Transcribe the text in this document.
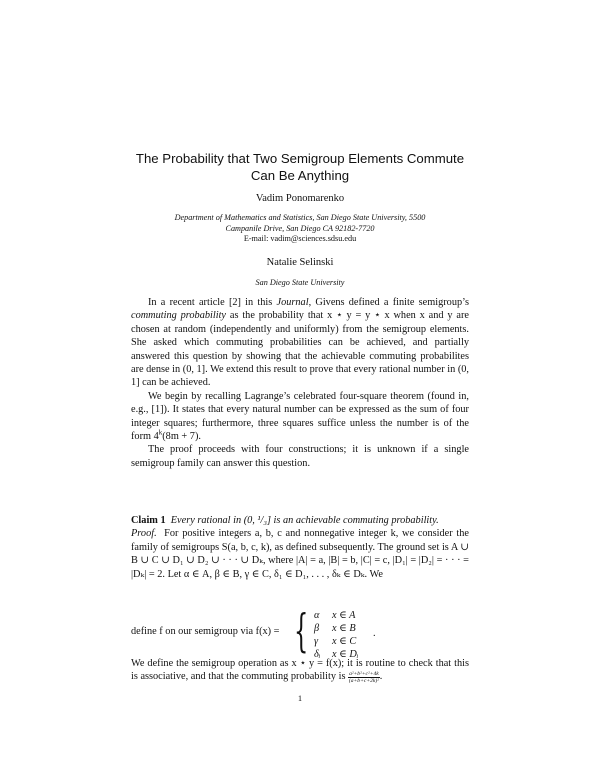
The Probability that Two Semigroup Elements Commute Can Be Anything
Vadim Ponomarenko
Department of Mathematics and Statistics, San Diego State University, 5500
Campanile Drive, San Diego CA 92182-7720
E-mail: vadim@sciences.sdsu.edu
Natalie Selinski
San Diego State University

In a recent article [2] in this Journal, Givens defined a finite semigroup’s commuting probability as the probability that x ⋆ y = y ⋆ x when x and y are chosen at random (independently and uniformly) from the semigroup elements. She asked which commuting probabilities can be achieved, and partially answered this question by showing that the achievable commuting probabilites are dense in (0, 1]. We extend this result to prove that every rational number in (0, 1] can be achieved.

We begin by recalling Lagrange’s celebrated four-square theorem (found in, e.g., [1]). It states that every natural number can be expressed as the sum of four integer squares; furthermore, three squares suffice unless the number is of the form $4^k(8m + 7)$.

The proof proceeds with four constructions; it is unknown if a single semigroup family can answer this question.

Claim 1 Every rational in (0, ¹/₃] is an achievable commuting probability.

Proof. For positive integers a, b, c and nonnegative integer k, we consider the family of semigroups S(a, b, c, k), as defined subsequently. The ground set is A ∪ B ∪ C ∪ D₁ ∪ D₂ ∪ · · · ∪ Dₖ, where |A| = a, |B| = b, |C| = c, |D₁| = |D₂| = · · · = |Dₖ| = 2. Let α ∈ A, β ∈ B, γ ∈ C, δ₁ ∈ D₁, . . . , δₖ ∈ Dₖ. We

define f on our semigroup via f(x) = { α x ∈ A
β x ∈ B
γ x ∈ C
δᵢ x ∈ Dᵢ
.

We define the semigroup operation as x ⋆ y = f(x); it is routine to check that this is associative, and that the commuting probability is $\frac{\text{a²+b²+c²+4k}}{\text{(a+b+c+2k)²}}$ .

1
